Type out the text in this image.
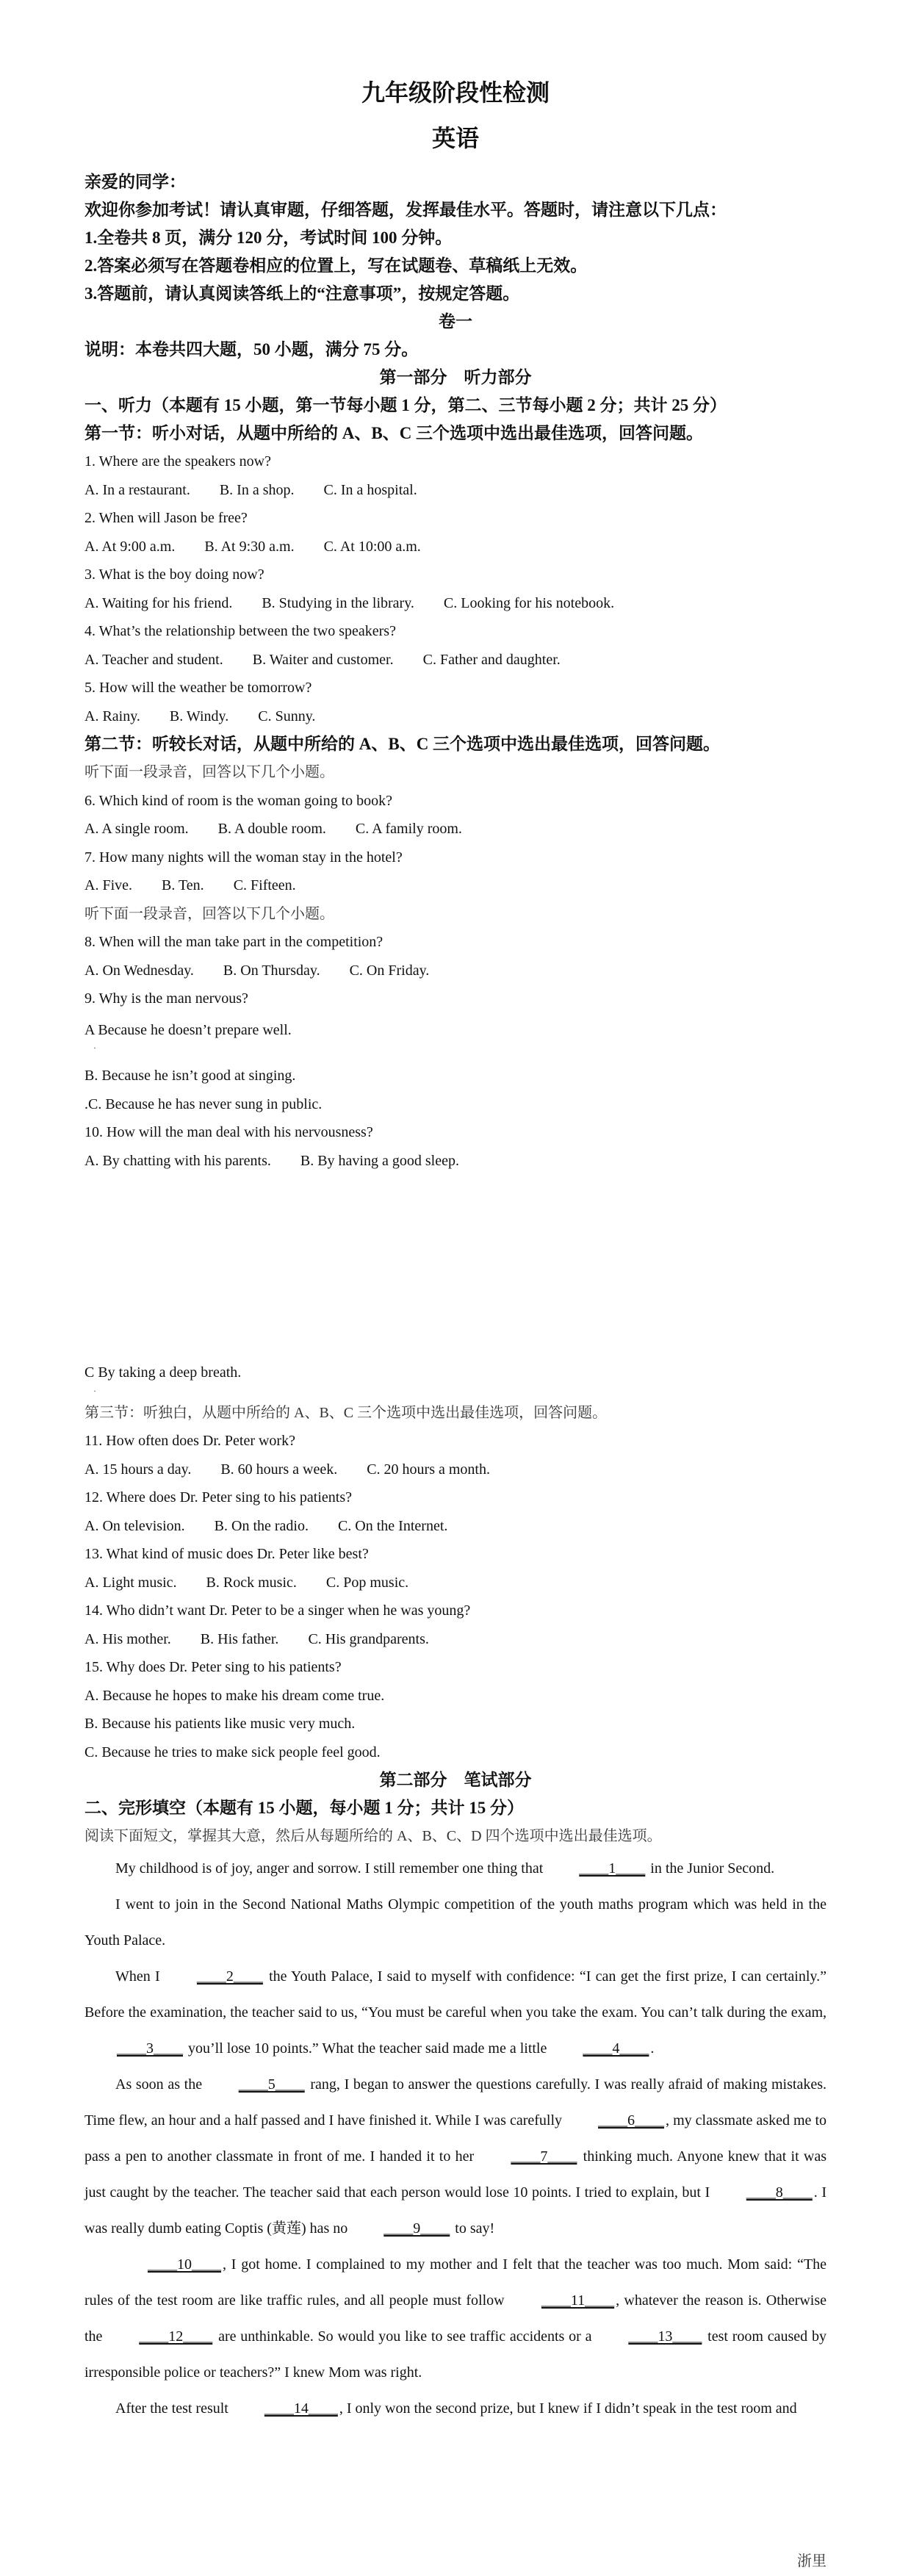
九年级阶段性检测
英语

亲爱的同学：

欢迎你参加考试！请认真审题，仔细答题，发挥最佳水平。答题时，请注意以下几点：

1.全卷共 8 页，满分 120 分，考试时间 100 分钟。

2.答案必须写在答题卷相应的位置上，写在试题卷、草稿纸上无效。

3.答题前，请认真阅读答纸上的“注意事项”，按规定答题。

卷一

说明：本卷共四大题，50 小题，满分 75 分。

第一部分　听力部分

一、听力（本题有 15 小题，第一节每小题 1 分，第二、三节每小题 2 分；共计 25 分）

第一节：听小对话，从题中所给的 A、B、C 三个选项中选出最佳选项，回答问题。

1. Where are the speakers now?

A. In a restaurant. B. In a shop. C. In a hospital.

2. When will Jason be free?

A. At 9:00 a.m. B. At 9:30 a.m. C. At 10:00 a.m.

3. What is the boy doing now?

A. Waiting for his friend. B. Studying in the library. C. Looking for his notebook.

4. What’s the relationship between the two speakers?

A. Teacher and student. B. Waiter and customer. C. Father and daughter.

5. How will the weather be tomorrow?

A. Rainy. B. Windy. C. Sunny.

第二节：听较长对话，从题中所给的 A、B、C 三个选项中选出最佳选项，回答问题。

听下面一段录音，回答以下几个小题。

6. Which kind of room is the woman going to book?

A. A single room. B. A double room. C. A family room.

7. How many nights will the woman stay in the hotel?

A. Five. B. Ten. C. Fifteen.

听下面一段录音，回答以下几个小题。

8. When will the man take part in the competition?

A. On Wednesday. B. On Thursday. C. On Friday.

9. Why is the man nervous?

A Because he doesn’t prepare well.

·

B. Because he isn’t good at singing.

.C. Because he has never sung in public.

10. How will the man deal with his nervousness?

A. By chatting with his parents. B. By having a good sleep.

C By taking a deep breath.

·

第三节：听独白，从题中所给的 A、B、C 三个选项中选出最佳选项，回答问题。

11. How often does Dr. Peter work?

A. 15 hours a day. B. 60 hours a week. C. 20 hours a month.

12. Where does Dr. Peter sing to his patients?

A. On television. B. On the radio. C. On the Internet.

13. What kind of music does Dr. Peter like best?

A. Light music. B. Rock music. C. Pop music.

14. Who didn’t want Dr. Peter to be a singer when he was young?

A. His mother. B. His father. C. His grandparents.

15. Why does Dr. Peter sing to his patients?

A. Because he hopes to make his dream come true.

B. Because his patients like music very much.

C. Because he tries to make sick people feel good.

第二部分　笔试部分

二、完形填空（本题有 15 小题，每小题 1 分；共计 15 分）

阅读下面短文，掌握其大意，然后从每题所给的 A、B、C、D 四个选项中选出最佳选项。

My childhood is of joy, anger and sorrow. I still remember one thing that ____1____ in the Junior Second.

I went to join in the Second National Maths Olympic competition of the youth maths program which was held in the Youth Palace.

When I ____2____ the Youth Palace, I said to myself with confidence: “I can get the first prize, I can certainly.” Before the examination, the teacher said to us, “You must be careful when you take the exam. You can’t talk during the exam, ____3____ you’ll lose 10 points.” What the teacher said made me a little ____4____ .

As soon as the ____5____ rang, I began to answer the questions carefully. I was really afraid of making mistakes. Time flew, an hour and a half passed and I have finished it. While I was carefully ____6____ , my classmate asked me to pass a pen to another classmate in front of me. I handed it to her ____7____ thinking much. Anyone knew that it was just caught by the teacher. The teacher said that each person would lose 10 points. I tried to explain, but I ____8____ . I was really dumb eating Coptis (黄莲) has no ____9____ to say!

____10____ , I got home. I complained to my mother and I felt that the teacher was too much. Mom said: “The rules of the test room are like traffic rules, and all people must follow ____11____ , whatever the reason is. Otherwise the ____12____ are unthinkable. So would you like to see traffic accidents or a ____13____ test room caused by irresponsible police or teachers?” I knew Mom was right.

After the test result ____14____ , I only won the second prize, but I knew if I didn’t speak in the test room and

浙里
